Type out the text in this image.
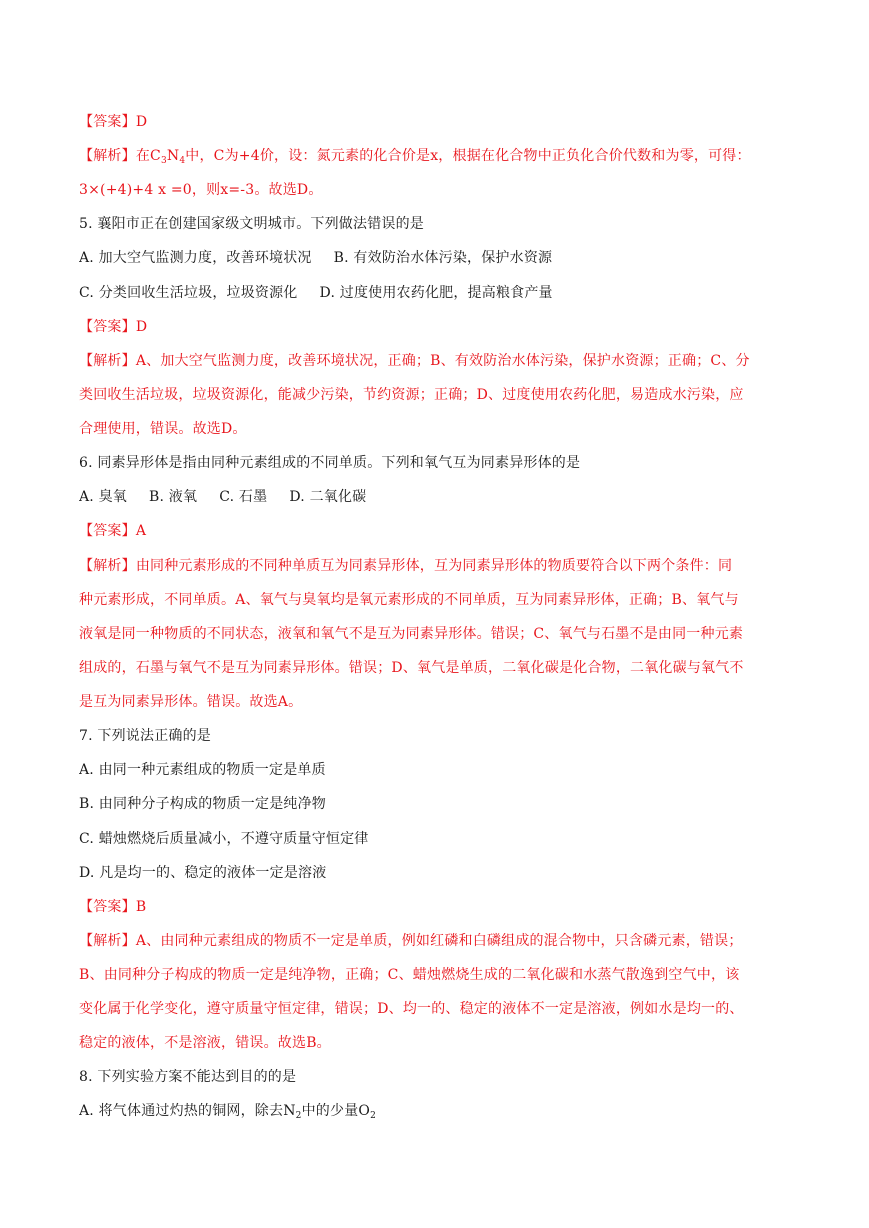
【答案】D
【解析】在$C_3N_4$中，C为+4价，设：氮元素的化合价是x，根据在化合物中正负化合价代数和为零，可得：
3×(+4)+4 x =0，则x=-3。故选D。
5. 襄阳市正在创建国家级文明城市。下列做法错误的是
A. 加大空气监测力度，改善环境状况 B. 有效防治水体污染，保护水资源
C. 分类回收生活垃圾，垃圾资源化 D. 过度使用农药化肥，提高粮食产量
【答案】D
【解析】A、加大空气监测力度，改善环境状况，正确；B、有效防治水体污染，保护水资源；正确；C、分
类回收生活垃圾，垃圾资源化，能减少污染，节约资源；正确；D、过度使用农药化肥，易造成水污染，应
合理使用，错误。故选D。
6. 同素异形体是指由同种元素组成的不同单质。下列和氧气互为同素异形体的是
A. 臭氧 B. 液氧 C. 石墨 D. 二氧化碳
【答案】A
【解析】由同种元素形成的不同种单质互为同素异形体，互为同素异形体的物质要符合以下两个条件：同
种元素形成，不同单质。A、氧气与臭氧均是氧元素形成的不同单质，互为同素异形体，正确；B、氧气与
液氧是同一种物质的不同状态，液氧和氧气不是互为同素异形体。错误；C、氧气与石墨不是由同一种元素
组成的，石墨与氧气不是互为同素异形体。错误；D、氧气是单质，二氧化碳是化合物，二氧化碳与氧气不
是互为同素异形体。错误。故选A。
7. 下列说法正确的是
A. 由同一种元素组成的物质一定是单质
B. 由同种分子构成的物质一定是纯净物
C. 蜡烛燃烧后质量减小，不遵守质量守恒定律
D. 凡是均一的、稳定的液体一定是溶液
【答案】B
【解析】A、由同种元素组成的物质不一定是单质，例如红磷和白磷组成的混合物中，只含磷元素，错误；
B、由同种分子构成的物质一定是纯净物，正确；C、蜡烛燃烧生成的二氧化碳和水蒸气散逸到空气中，该
变化属于化学变化，遵守质量守恒定律，错误；D、均一的、稳定的液体不一定是溶液，例如水是均一的、
稳定的液体，不是溶液，错误。故选B。
8. 下列实验方案不能达到目的的是
A. 将气体通过灼热的铜网，除去$N_2$中的少量$O_2$
